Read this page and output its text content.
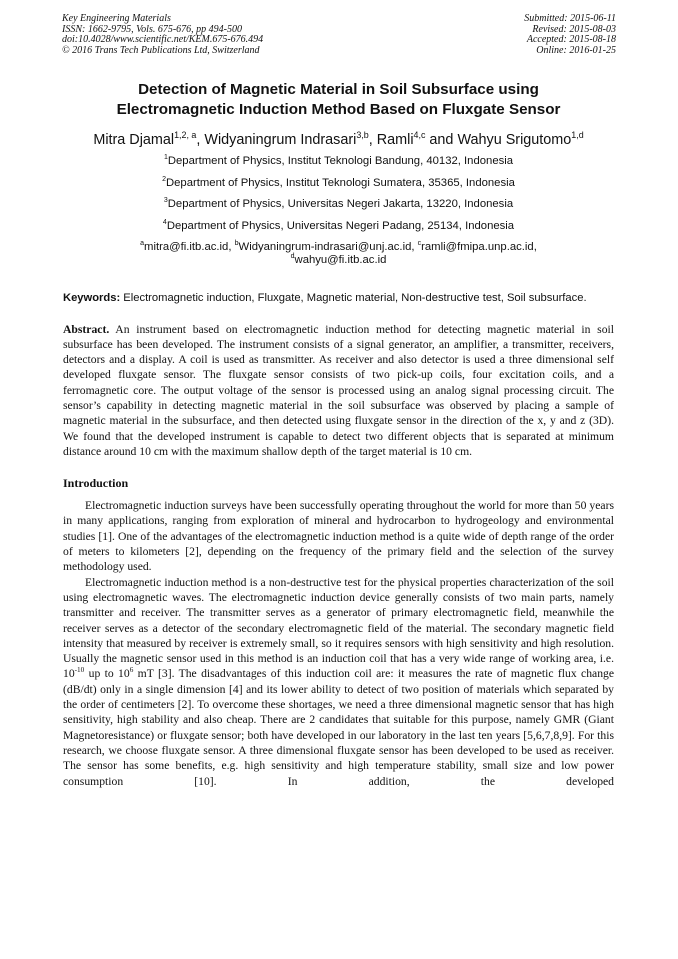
Key Engineering Materials
ISSN: 1662-9795, Vols. 675-676, pp 494-500
doi:10.4028/www.scientific.net/KEM.675-676.494
© 2016 Trans Tech Publications Ltd, Switzerland
Submitted: 2015-06-11
Revised: 2015-08-03
Accepted: 2015-08-18
Online: 2016-01-25
Detection of Magnetic Material in Soil Subsurface using
Electromagnetic Induction Method Based on Fluxgate Sensor
Mitra Djamal$^{1,2, a}$, Widyaningrum Indrasari$^{3,b}$, Ramli$^{4,c}$ and Wahyu Srigutomo$^{1,d}$
$^1$Department of Physics, Institut Teknologi Bandung, 40132, Indonesia
$^2$Department of Physics, Institut Teknologi Sumatera, 35365, Indonesia
$^3$Department of Physics, Universitas Negeri Jakarta, 13220, Indonesia
$^4$Department of Physics, Universitas Negeri Padang, 25134, Indonesia
$^a$mitra@fi.itb.ac.id, $^b$Widyaningrum-indrasari@unj.ac.id, $^c$ramli@fmipa.unp.ac.id,
$^d$wahyu@fi.itb.ac.id
Keywords: Electromagnetic induction, Fluxgate, Magnetic material, Non-destructive test, Soil subsurface.

Abstract. An instrument based on electromagnetic induction method for detecting magnetic material in soil subsurface has been developed. The instrument consists of a signal generator, an amplifier, a transmitter, receivers, detectors and a display. A coil is used as transmitter. As receiver and also detector is used a three dimensional self developed fluxgate sensor. The fluxgate sensor consists of two pick-up coils, four excitation coils, and a ferromagnetic core. The output voltage of the sensor is processed using an analog signal processing circuit. The sensor’s capability in detecting magnetic material in the soil subsurface was observed by placing a sample of magnetic material in the subsurface, and then detected using fluxgate sensor in the direction of the x, y and z (3D). We found that the developed instrument is capable to detect two different objects that is separated at minimum distance around 10 cm with the maximum shallow depth of the target material is 10 cm.

Introduction

Electromagnetic induction surveys have been successfully operating throughout the world for more than 50 years in many applications, ranging from exploration of mineral and hydrocarbon to hydrogeology and environmental studies [1]. One of the advantages of the electromagnetic induction method is a quite wide of depth range of the order of meters to kilometers [2], depending on the frequency of the primary field and the selection of the survey methodology used.

Electromagnetic induction method is a non-destructive test for the physical properties characterization of the soil using electromagnetic waves. The electromagnetic induction device generally consists of two main parts, namely transmitter and receiver. The transmitter serves as a generator of primary electromagnetic field, meanwhile the receiver serves as a detector of the secondary electromagnetic field of the material. The secondary magnetic field intensity that measured by receiver is extremely small, so it requires sensors with high sensitivity and high resolution. Usually the magnetic sensor used in this method is an induction coil that has a very wide range of working area, i.e. $10^{-10}$ up to $10^6$ mT [3]. The disadvantages of this induction coil are: it measures the rate of magnetic flux change (dB/dt) only in a single dimension [4] and its lower ability to detect of two position of materials which separated by the order of centimeters [2]. To overcome these shortages, we need a three dimensional magnetic sensor that has high sensitivity, high stability and also cheap. There are 2 candidates that suitable for this purpose, namely GMR (Giant Magnetoresistance) or fluxgate sensor; both have developed in our laboratory in the last ten years [5,6,7,8,9]. For this research, we choose fluxgate sensor. A three dimensional fluxgate sensor has been developed to be used as receiver. The sensor has some benefits, e.g. high sensitivity and high temperature stability, small size and low power consumption [10]. In addition, the developed
